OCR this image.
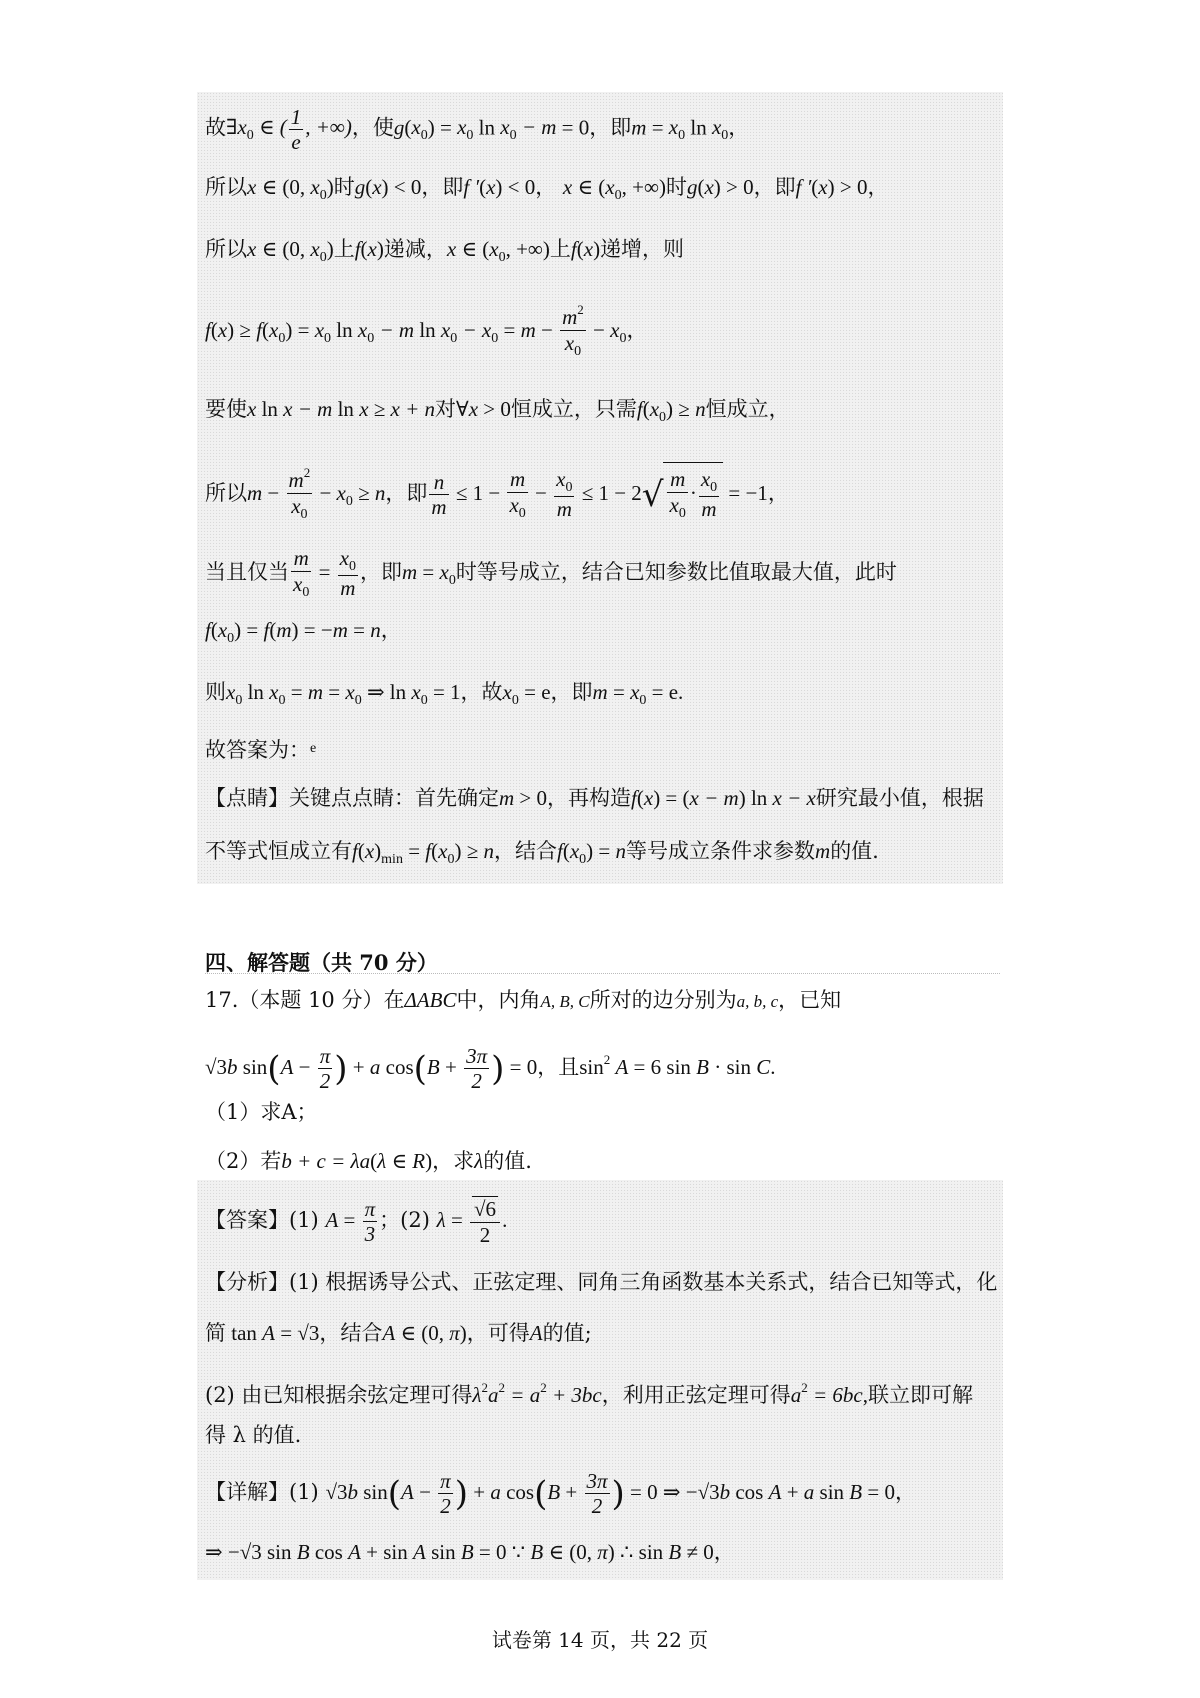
故$\exists x_0$ ∈ ( $\frac{1}{e}$ , +∞)，使$g(x_0) = x_0$ $\ln x_0 - m = 0$，即$m = x_0$ $\ln x_0$，
所以x ∈ (0, $x_0$)时g(x) < 0，即f ′(x) < 0， x ∈ ($x_0$, +∞)时g(x) > 0，即f ′(x) > 0，
所以x ∈ (0, $x_0$)上f(x)递减，x ∈ ($x_0$, +∞)上f(x)递增，则
$f(x) \ge f(x_0) = x_0$ $\ln x_0 - m$ $\ln x_0 - x_0 = m - \frac{m^2}{x_0} - x_0$，
要使x ln x − m ln x ≥ x + n对∀x > 0恒成立，只需$f(x_0) \ge n$恒成立，
所以$m - \frac{m^2}{x_0} - x_0 \ge n$，即 $\frac{n}{m} \le 1 - \frac{m}{x_0} - \frac{x_0}{m} \le 1 - 2√ \frac{m}{x_0} \cdot \frac{x_0}{m} = -1$，
当且仅当 $\frac{m}{x_0} = \frac{x_0}{m}$ ，即$m = x_0$时等号成立，结合已知参数比值取最大值，此时
$f(x_0) = f(m) = -m = n$，
则$x_0$ $\ln x_0 = m = x_0$ ⇒ $\ln x_0 = 1$，故$x_0 = e$，即$m = x_0 = e$.
故答案为：$^e$
【点睛】关键点点睛：首先确定m > 0，再构造f(x) = (x − m) ln x − x研究最小值，根据
不等式恒成立有$f(x)_{min} = f(x_0) \ge n$，结合$f(x_0) = n$等号成立条件求参数m的值.
四、解答题（共 70 分）
17.（本题 10 分）在ΔABC中，内角A, B, C所对的边分别为a, b, c，已知
√3b $\sin(A - \frac{\pi}{2}$ ) + a $\cos(B + \frac{3\pi}{2}$ ) = 0，且$\sin^2 A = 6$ sin B · sin C.
（1）求A；
（2）若b + c = λa(λ ∈ R)，求λ的值.
【答案】(1) $A = \frac{\pi}{3}$ ；(2) $\lambda = \frac{√6}{2}$ .
【分析】(1) 根据诱导公式、正弦定理、同角三角函数基本关系式，结合已知等式，化
简 tan A = √3，结合A ∈ (0, π)，可得A的值;
(2) 由已知根据余弦定理可得$\lambda^2a^2 = a^2 + 3bc$，利用正弦定理可得$a^2 = 6bc$,联立即可解
得 λ 的值.
【详解】(1) √3b $\sin(A - \frac{\pi}{2}$ ) + a $\cos(B + \frac{3\pi}{2}$ ) = 0 ⇒ −√3b cos A + a sin B = 0，
⇒ −√3 sin B cos A + sin A sin B = 0 ∵ B ∈ (0, π) ∴ sin B ≠ 0，
试卷第 14 页，共 22 页
